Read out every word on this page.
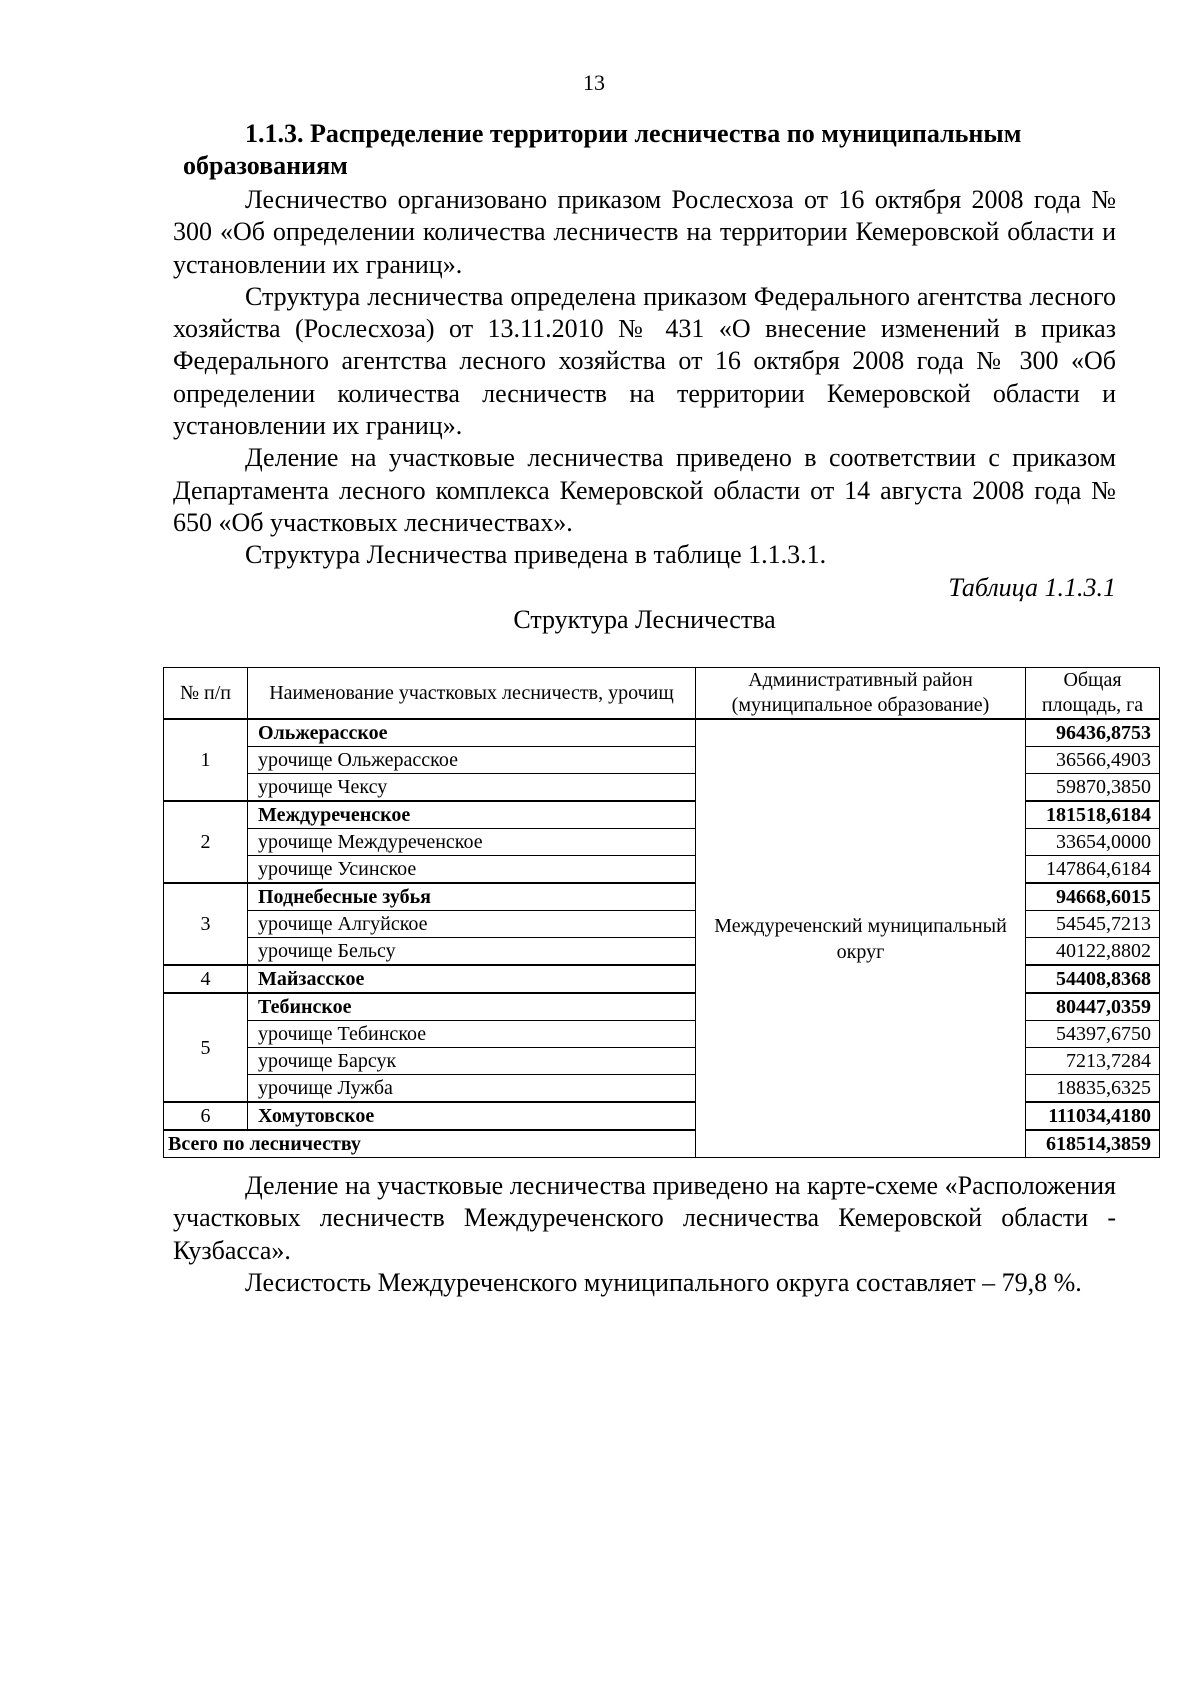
13
1.1.3. Распределение территории лесничества по муниципальным
образованиям

Лесничество организовано приказом Рослесхоза от 16 октября 2008 года № 300 «Об определении количества лесничеств на территории Кемеровской области и установлении их границ».

Структура лесничества определена приказом Федерального агентства лесного хозяйства (Рослесхоза) от 13.11.2010 № 431 «О внесение изменений в приказ Федерального агентства лесного хозяйства от 16 октября 2008 года № 300 «Об определении количества лесничеств на территории Кемеровской области и установлении их границ».

Деление на участковые лесничества приведено в соответствии с приказом Департамента лесного комплекса Кемеровской области от 14 августа 2008 года № 650 «Об участковых лесничествах».

Структура Лесничества приведена в таблице 1.1.3.1.

Таблица 1.1.3.1
Структура Лесничества
№ п/п	Наименование участковых лесничеств, урочищ	Административный район (муниципальное образование)	Общая площадь, га
1	Ольжерасское	Междуреченский муниципальный округ	96436,8753
	урочище Ольжерасское		36566,4903
	урочище Чексу		59870,3850
2	Междуреченское		181518,6184
	урочище Междуреченское		33654,0000
	урочище Усинское		147864,6184
3	Поднебесные зубья		94668,6015
	урочище Алгуйское		54545,7213
	урочище Бельсу		40122,8802
4	Майзасское		54408,8368
5	Тебинское		80447,0359
	урочище Тебинское		54397,6750
	урочище Барсук		7213,7284
	урочище Лужба		18835,6325
6	Хомутовское		111034,4180
Всего по лесничеству			618514,3859

Деление на участковые лесничества приведено на карте-схеме «Расположения участковых лесничеств Междуреченского лесничества Кемеровской области - Кузбасса».

Лесистость Междуреченского муниципального округа составляет – 79,8 %.
